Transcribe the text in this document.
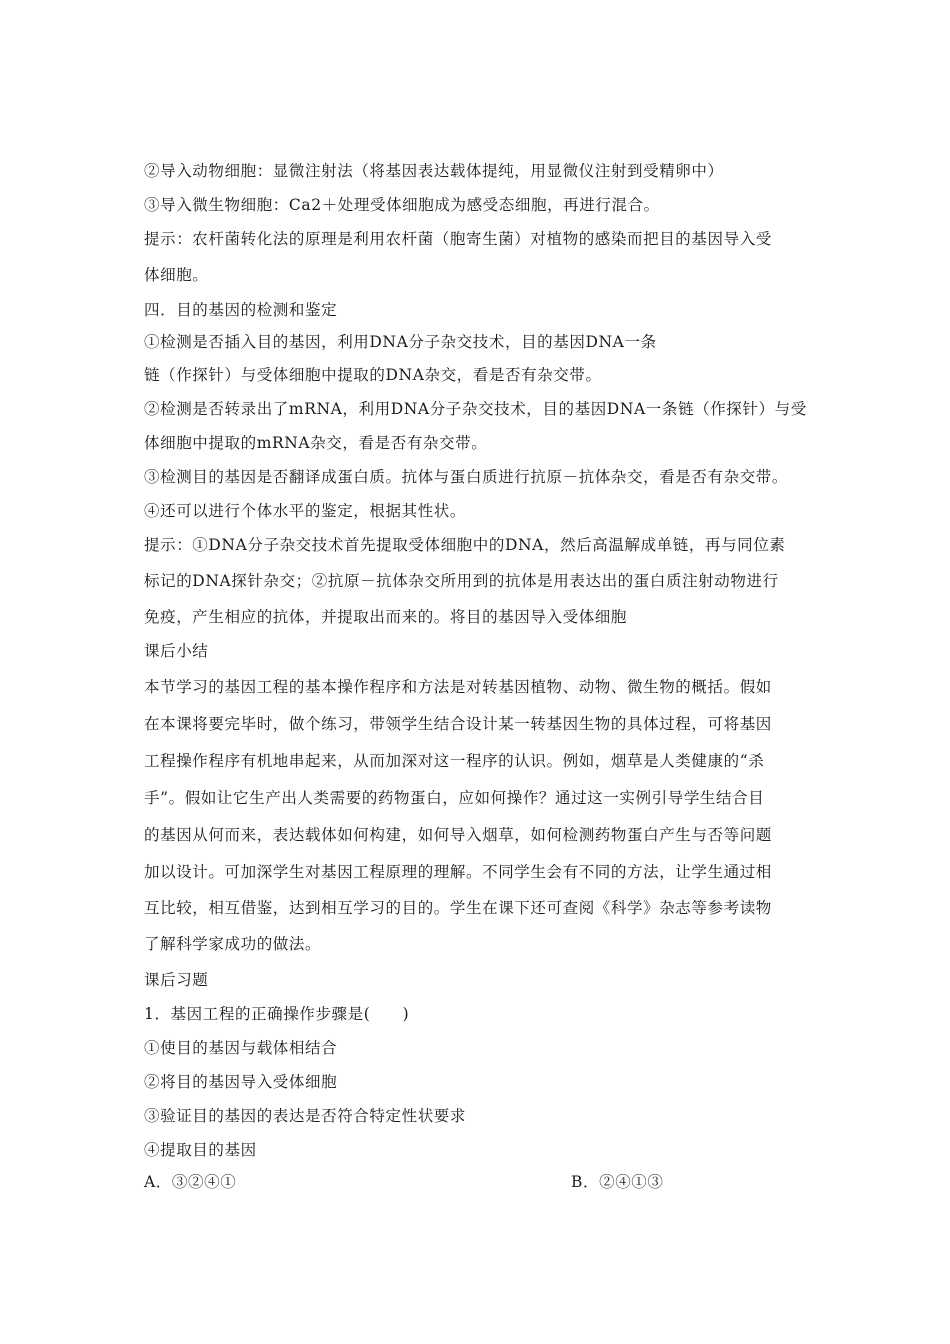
②导入动物细胞：显微注射法（将基因表达载体提纯，用显微仪注射到受精卵中）
③导入微生物细胞：Ca2＋处理受体细胞成为感受态细胞，再进行混合。
提示：农杆菌转化法的原理是利用农杆菌（胞寄生菌）对植物的感染而把目的基因导入受
体细胞。
四．目的基因的检测和鉴定
①检测是否插入目的基因，利用DNA分子杂交技术，目的基因DNA一条
链（作探针）与受体细胞中提取的DNA杂交，看是否有杂交带。
②检测是否转录出了mRNA，利用DNA分子杂交技术，目的基因DNA一条链（作探针）与受
体细胞中提取的mRNA杂交，看是否有杂交带。
③检测目的基因是否翻译成蛋白质。抗体与蛋白质进行抗原－抗体杂交，看是否有杂交带。
④还可以进行个体水平的鉴定，根据其性状。
提示：①DNA分子杂交技术首先提取受体细胞中的DNA，然后高温解成单链，再与同位素
标记的DNA探针杂交；②抗原－抗体杂交所用到的抗体是用表达出的蛋白质注射动物进行
免疫，产生相应的抗体，并提取出而来的。将目的基因导入受体细胞
课后小结
本节学习的基因工程的基本操作程序和方法是对转基因植物、动物、微生物的概括。假如
在本课将要完毕时，做个练习，带领学生结合设计某一转基因生物的具体过程，可将基因
工程操作程序有机地串起来，从而加深对这一程序的认识。例如，烟草是人类健康的“杀
手”。假如让它生产出人类需要的药物蛋白，应如何操作？通过这一实例引导学生结合目
的基因从何而来，表达载体如何构建，如何导入烟草，如何检测药物蛋白产生与否等问题
加以设计。可加深学生对基因工程原理的理解。不同学生会有不同的方法，让学生通过相
互比较，相互借鉴，达到相互学习的目的。学生在课下还可查阅《科学》杂志等参考读物
了解科学家成功的做法。
课后习题
1．基因工程的正确操作步骤是(　　)
①使目的基因与载体相结合
②将目的基因导入受体细胞
③验证目的基因的表达是否符合特定性状要求
④提取目的基因
A．③②④①	B．②④①③
